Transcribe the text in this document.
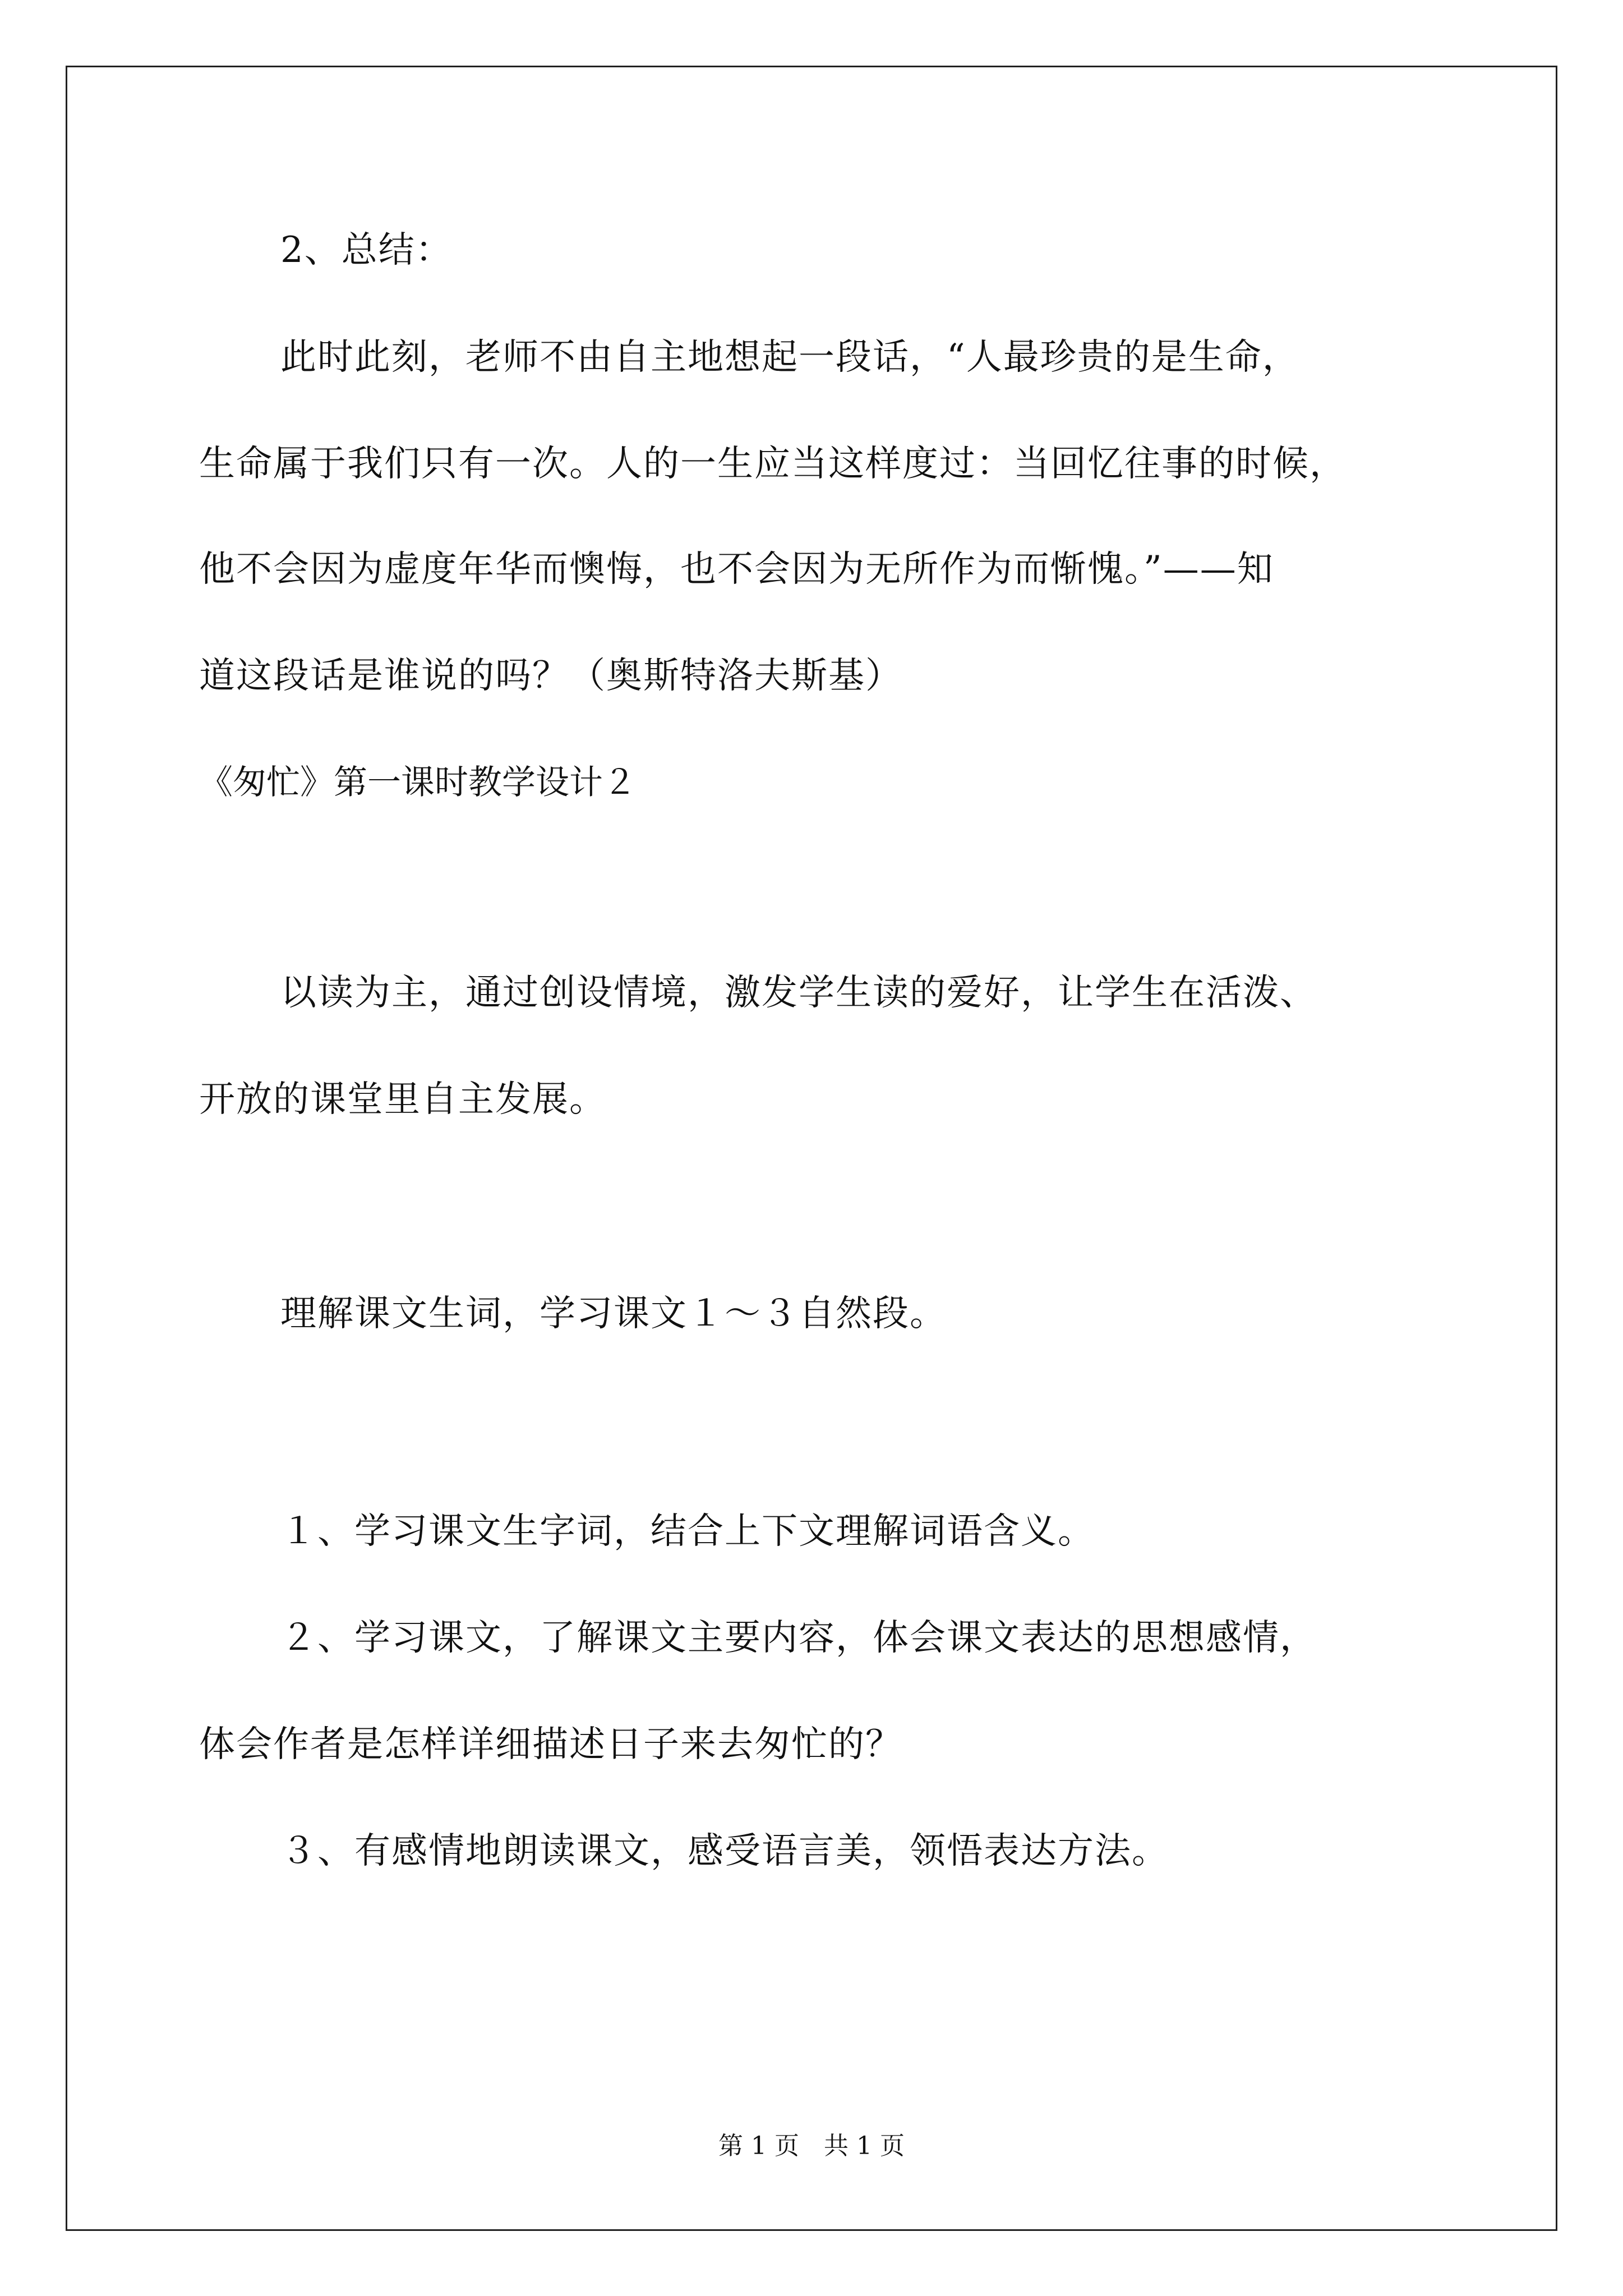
2、总结：
此时此刻，老师不由自主地想起一段话，“人最珍贵的是生命，
生命属于我们只有一次。人的一生应当这样度过：当回忆往事的时候，
他不会因为虚度年华而懊悔，也不会因为无所作为而惭愧。”——知
道这段话是谁说的吗？（奥斯特洛夫斯基）
《匆忙》第一课时教学设计２
以读为主，通过创设情境，激发学生读的爱好，让学生在活泼、
开放的课堂里自主发展。
理解课文生词，学习课文１～３自然段。
１、学习课文生字词，结合上下文理解词语含义。
２、学习课文，了解课文主要内容，体会课文表达的思想感情，
体会作者是怎样详细描述日子来去匆忙的？
３、有感情地朗读课文，感受语言美，领悟表达方法。
第 1 页　共 1 页
